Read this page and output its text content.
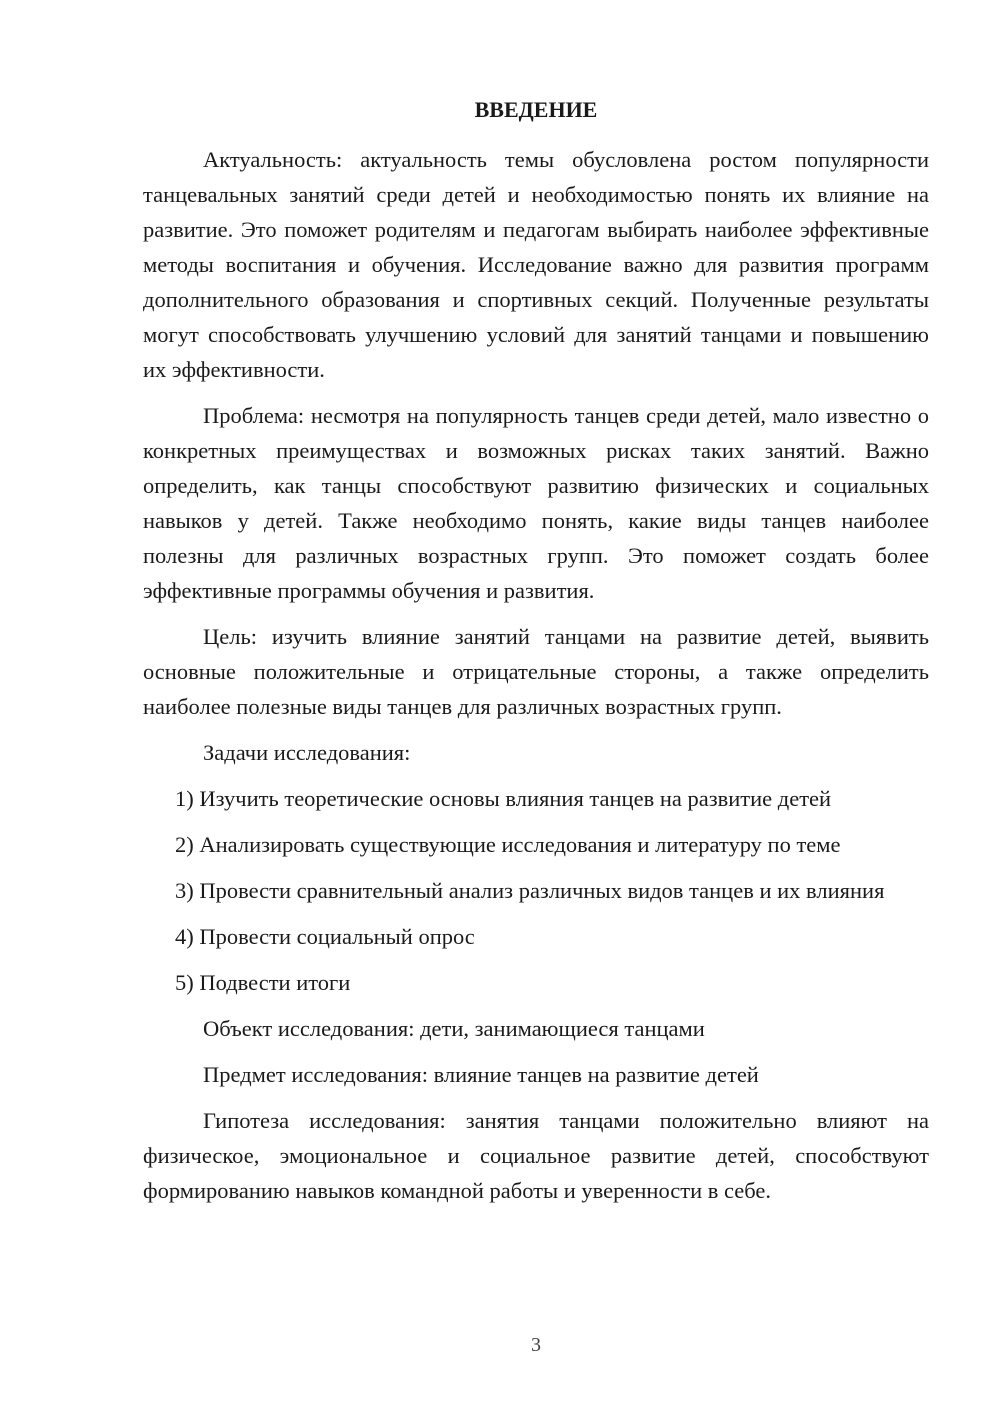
ВВЕДЕНИЕ

Актуальность: актуальность темы обусловлена ростом популярности танцевальных занятий среди детей и необходимостью понять их влияние на развитие. Это поможет родителям и педагогам выбирать наиболее эффективные методы воспитания и обучения. Исследование важно для развития программ дополнительного образования и спортивных секций. Полученные результаты могут способствовать улучшению условий для занятий танцами и повышению их эффективности.

Проблема: несмотря на популярность танцев среди детей, мало известно о конкретных преимуществах и возможных рисках таких занятий. Важно определить, как танцы способствуют развитию физических и социальных навыков у детей. Также необходимо понять, какие виды танцев наиболее полезны для различных возрастных групп. Это поможет создать более эффективные программы обучения и развития.

Цель: изучить влияние занятий танцами на развитие детей, выявить основные положительные и отрицательные стороны, а также определить наиболее полезные виды танцев для различных возрастных групп.

Задачи исследования:

1) Изучить теоретические основы влияния танцев на развитие детей

2) Анализировать существующие исследования и литературу по теме

3) Провести сравнительный анализ различных видов танцев и их влияния

4) Провести социальный опрос

5) Подвести итоги

Объект исследования: дети, занимающиеся танцами

Предмет исследования: влияние танцев на развитие детей

Гипотеза исследования: занятия танцами положительно влияют на физическое, эмоциональное и социальное развитие детей, способствуют формированию навыков командной работы и уверенности в себе.

3
